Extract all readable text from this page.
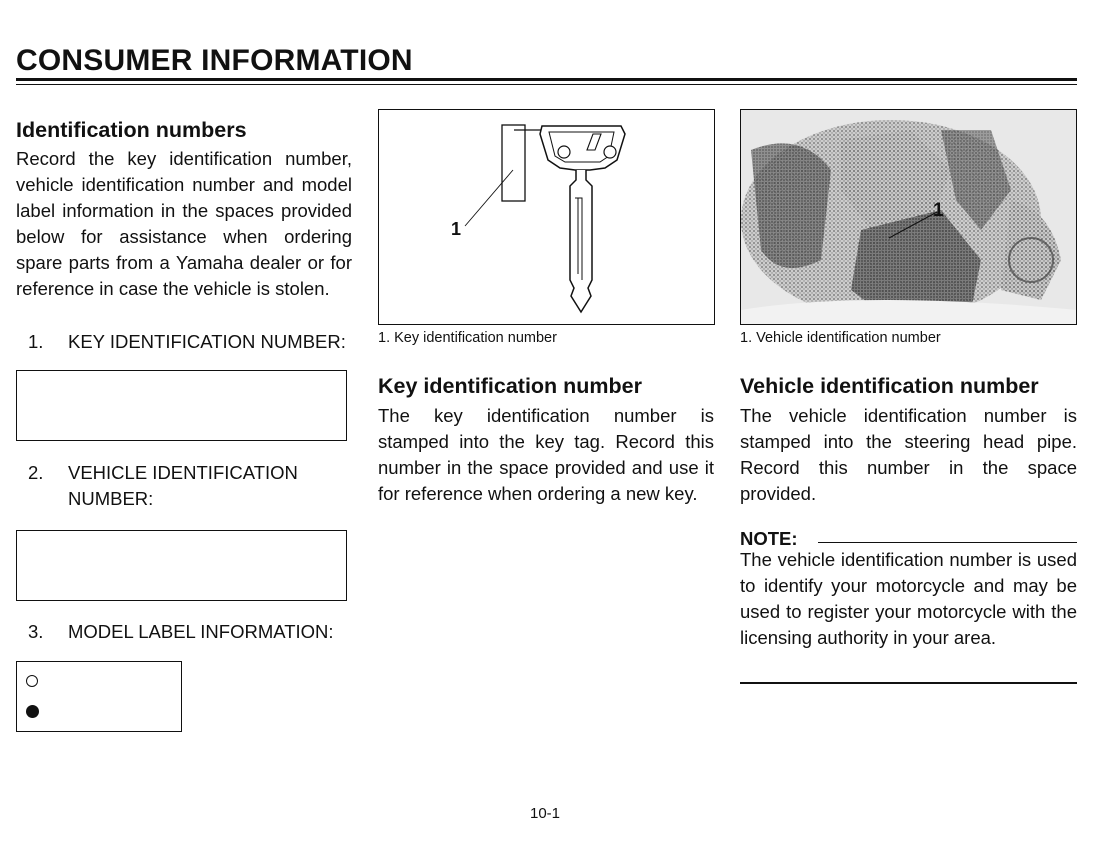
CONSUMER INFORMATION
Identification numbers

Record the key identification number, vehicle identification number and model label information in the spaces provided below for assistance when ordering spare parts from a Yamaha dealer or for reference in case the vehicle is stolen.

1. KEY IDENTIFICATION NUMBER:
2. VEHICLE IDENTIFICATION
NUMBER:
3. MODEL LABEL INFORMATION:
1

1. Key identification number

Key identification number

The key identification number is stamped into the key tag. Record this number in the space provided and use it for reference when ordering a new key.

1

1. Vehicle identification number

Vehicle identification number

The vehicle identification number is stamped into the steering head pipe. Record this number in the space provided.

NOTE:

The vehicle identification number is used to identify your motorcycle and may be used to register your motorcycle with the licensing authority in your area.

10-1
